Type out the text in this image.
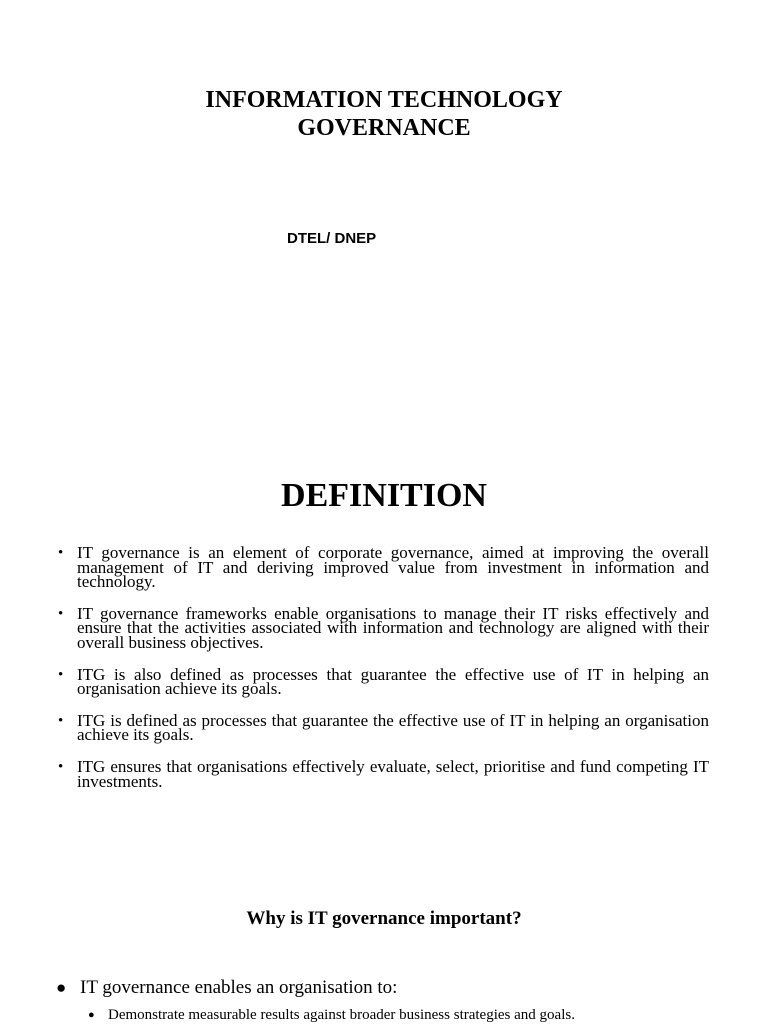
INFORMATION TECHNOLOGY
GOVERNANCE
DTEL/ DNEP
DEFINITION
• IT governance is an element of corporate governance, aimed at improving the overall management of IT and deriving improved value from investment in information and technology.
• IT governance frameworks enable organisations to manage their IT risks effectively and ensure that the activities associated with information and technology are aligned with their overall business objectives.
• ITG is also defined as processes that guarantee the effective use of IT in helping an organisation achieve its goals.
• ITG is defined as processes that guarantee the effective use of IT in helping an organisation achieve its goals.
• ITG ensures that organisations effectively evaluate, select, prioritise and fund competing IT investments.
Why is IT governance important?
● IT governance enables an organisation to:
● Demonstrate measurable results against broader business strategies and goals.
